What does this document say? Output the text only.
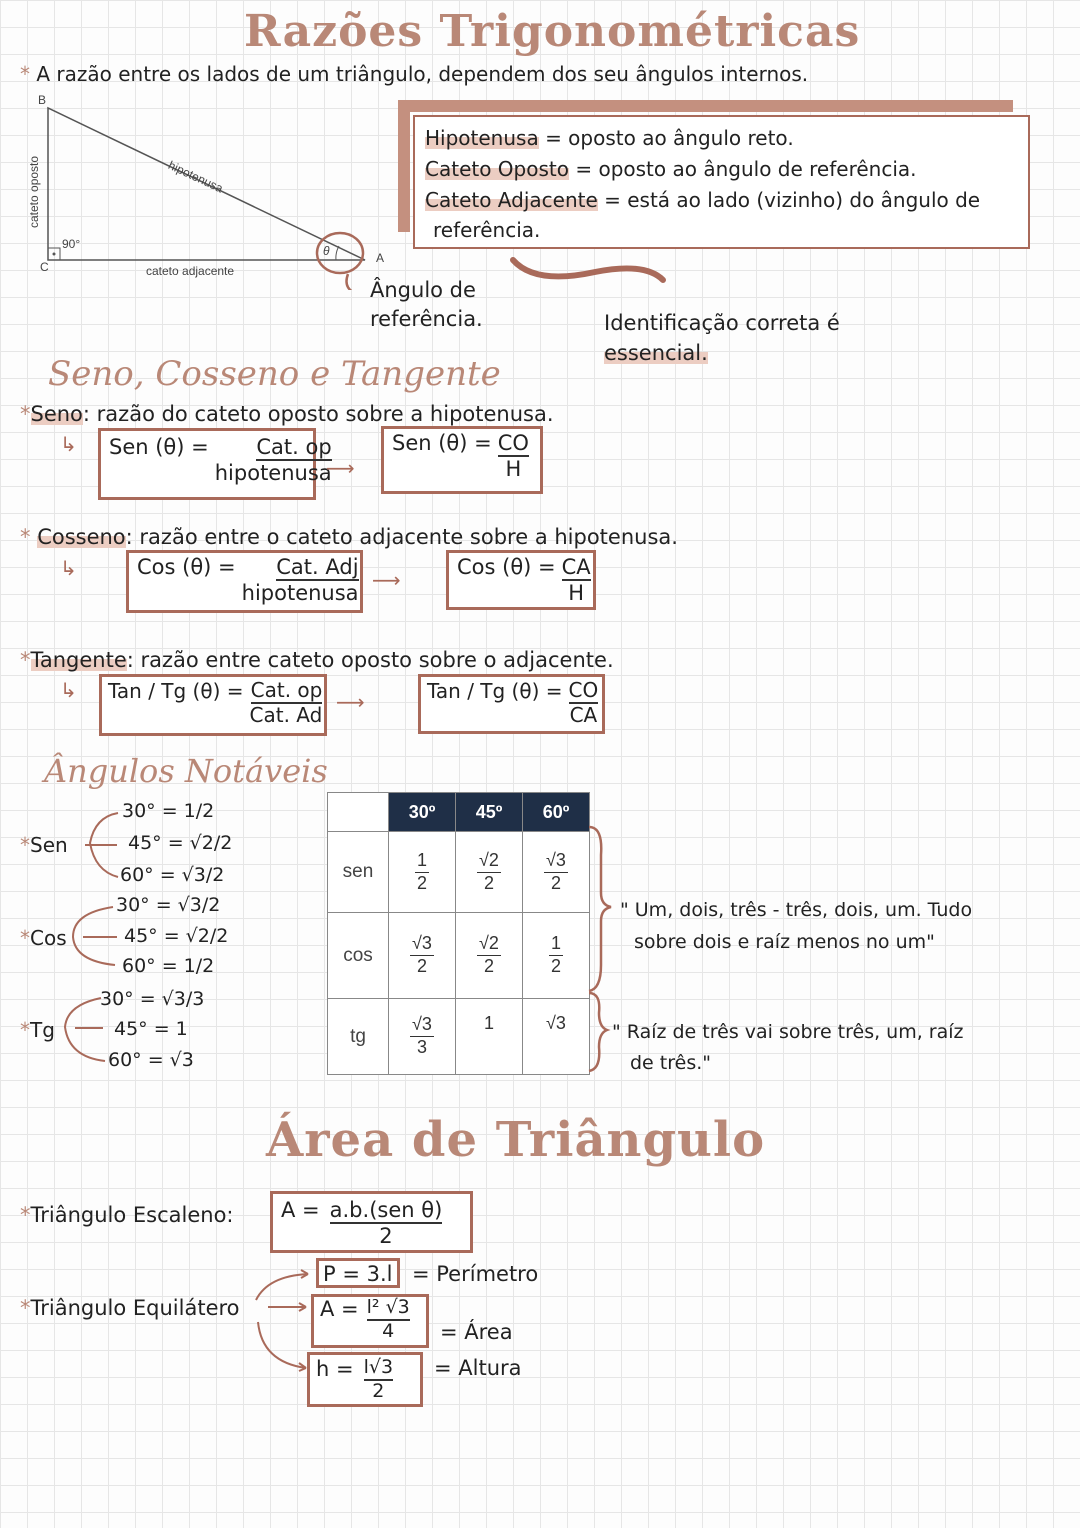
Razões Trigonométricas
* A razão entre os lados de um triângulo, dependem dos seu ângulos internos.
B
C
A
hipotenusa
cateto oposto
cateto adjacente
90°	θ
Ângulo de referência.
Hipotenusa = oposto ao ângulo reto.
Cateto Oposto = oposto ao ângulo de referência.
Cateto Adjacente = está ao lado (vizinho) do ângulo de
referência.
Identificação correta é
essencial.
Seno, Cosseno e Tangente
*Seno: razão do cateto oposto sobre a hipotenusa.
↳ Sen $(\theta) = \frac{\text{Cat. op}}{\text{hipotenusa}}$
⟶
Sen $(\theta) = \frac{CO}{H}$
* Cosseno: razão entre o cateto adjacente sobre a hipotenusa.
↳	Cos $(\theta) = \frac{\text{Cat. Adj}}{\text{hipotenusa}}$ ⟶
Cos $(\theta) = \frac{CA}{H}$
*Tangente: razão entre cateto oposto sobre o adjacente.
↳ Tan / Tg $(\theta) = \frac{\text{Cat. op}}{\text{Cat. Ad}}$ ⟶	Tan / Tg $(\theta) = \frac{CO}{CA}$
Ângulos Notáveis
*Sen
30° = 1/2
45° = √2/2
60° = √3/2
*Cos
30° = √3/2
45° = √2/2
60° = 1/2
*Tg
30° = √3/3
45° = 1
60° = √3
	30º	45º	60º
sen	$\frac{1}{2}$	$\frac{√2}{2}$	$\frac{√3}{2}$

cos	$\frac{√3}{2}$	$\frac{√2}{2}$	$\frac{1}{2}$

tg	$\frac{√3}{3}$	1	√3
" Um, dois, três - três, dois, um. Tudo
sobre dois e raíz menos no um"
" Raíz de três vai sobre três, um, raíz
de três."
Área de Triângulo
*Triângulo Escaleno: $A = \frac{\text{a.b.(sen θ)}}{2}$
*Triângulo Equilátero
P = 3.l = Perímetro
$A = \frac{\text{l² √3}}{4}$ = Área
$h = \frac{l√3}{2}$ = Altura
